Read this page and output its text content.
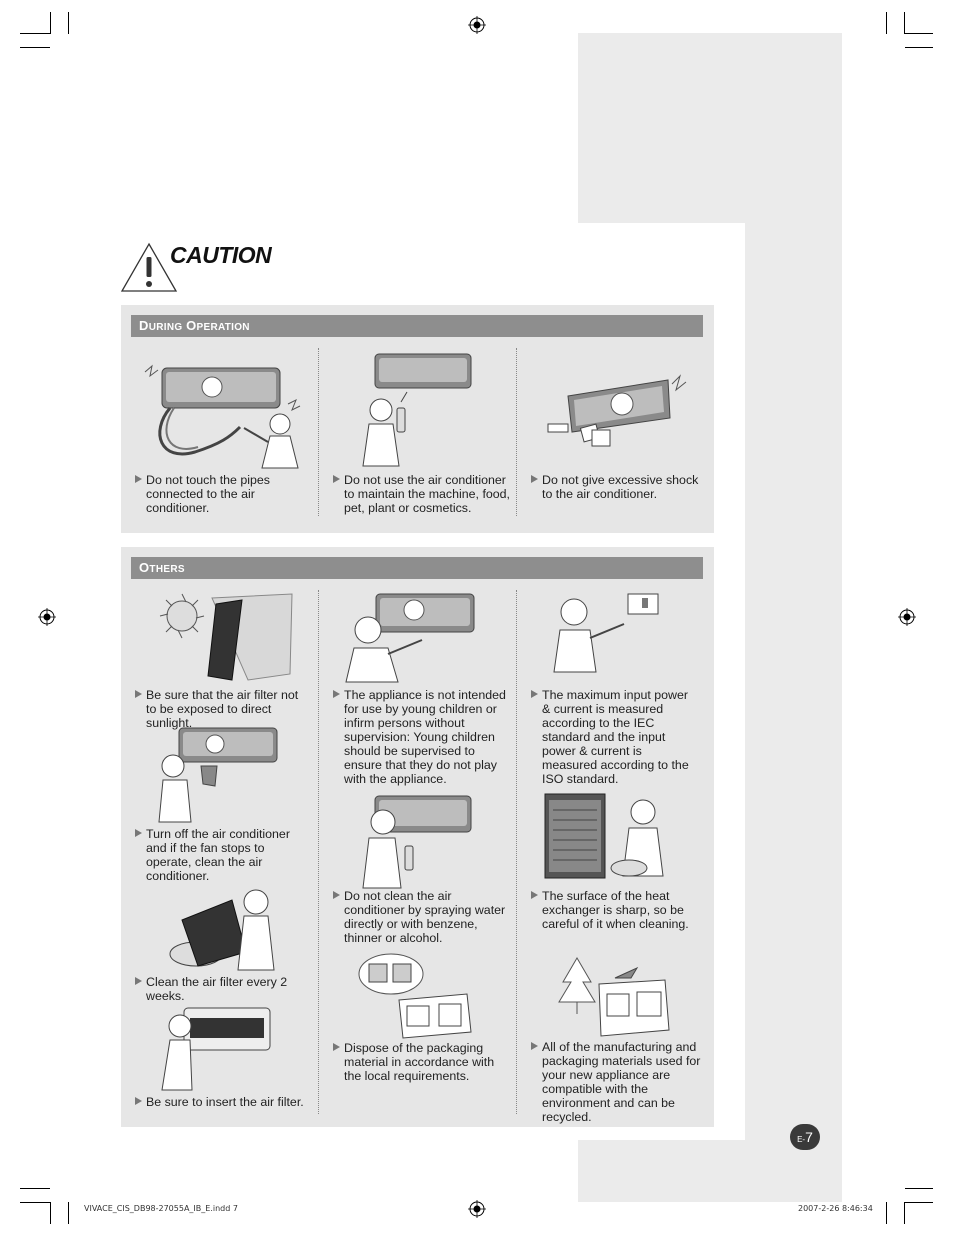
CAUTION
DURING OPERATION
Do not touch the pipes connected to the air conditioner.
Do not use the air conditioner to maintain the machine, food, pet, plant or cosmetics.
Do not give excessive shock to the air conditioner.
OTHERS
Be sure that the air filter not to be exposed to direct sunlight.
Turn off the air conditioner and if the fan stops to operate, clean the air conditioner.
Clean the air filter every 2 weeks.
Be sure to insert the air filter.
The appliance is not intended for use by young children or infirm persons without supervision: Young children should be supervised to ensure that they do not play with the appliance.
Do not clean the air conditioner by spraying water directly or with benzene, thinner or alcohol.
Dispose of the packaging material in accordance with the local requirements.
The maximum input power & current is measured according to the IEC standard and the input power & current is measured according to the ISO standard.
The surface of the heat exchanger is sharp, so be careful of it when cleaning.
All of the manufacturing and packaging materials used for your new appliance are compatible with the environment and can be recycled.
E-7
VIVACE_CIS_DB98-27055A_IB_E.indd 7	2007-2-26 8:46:34
